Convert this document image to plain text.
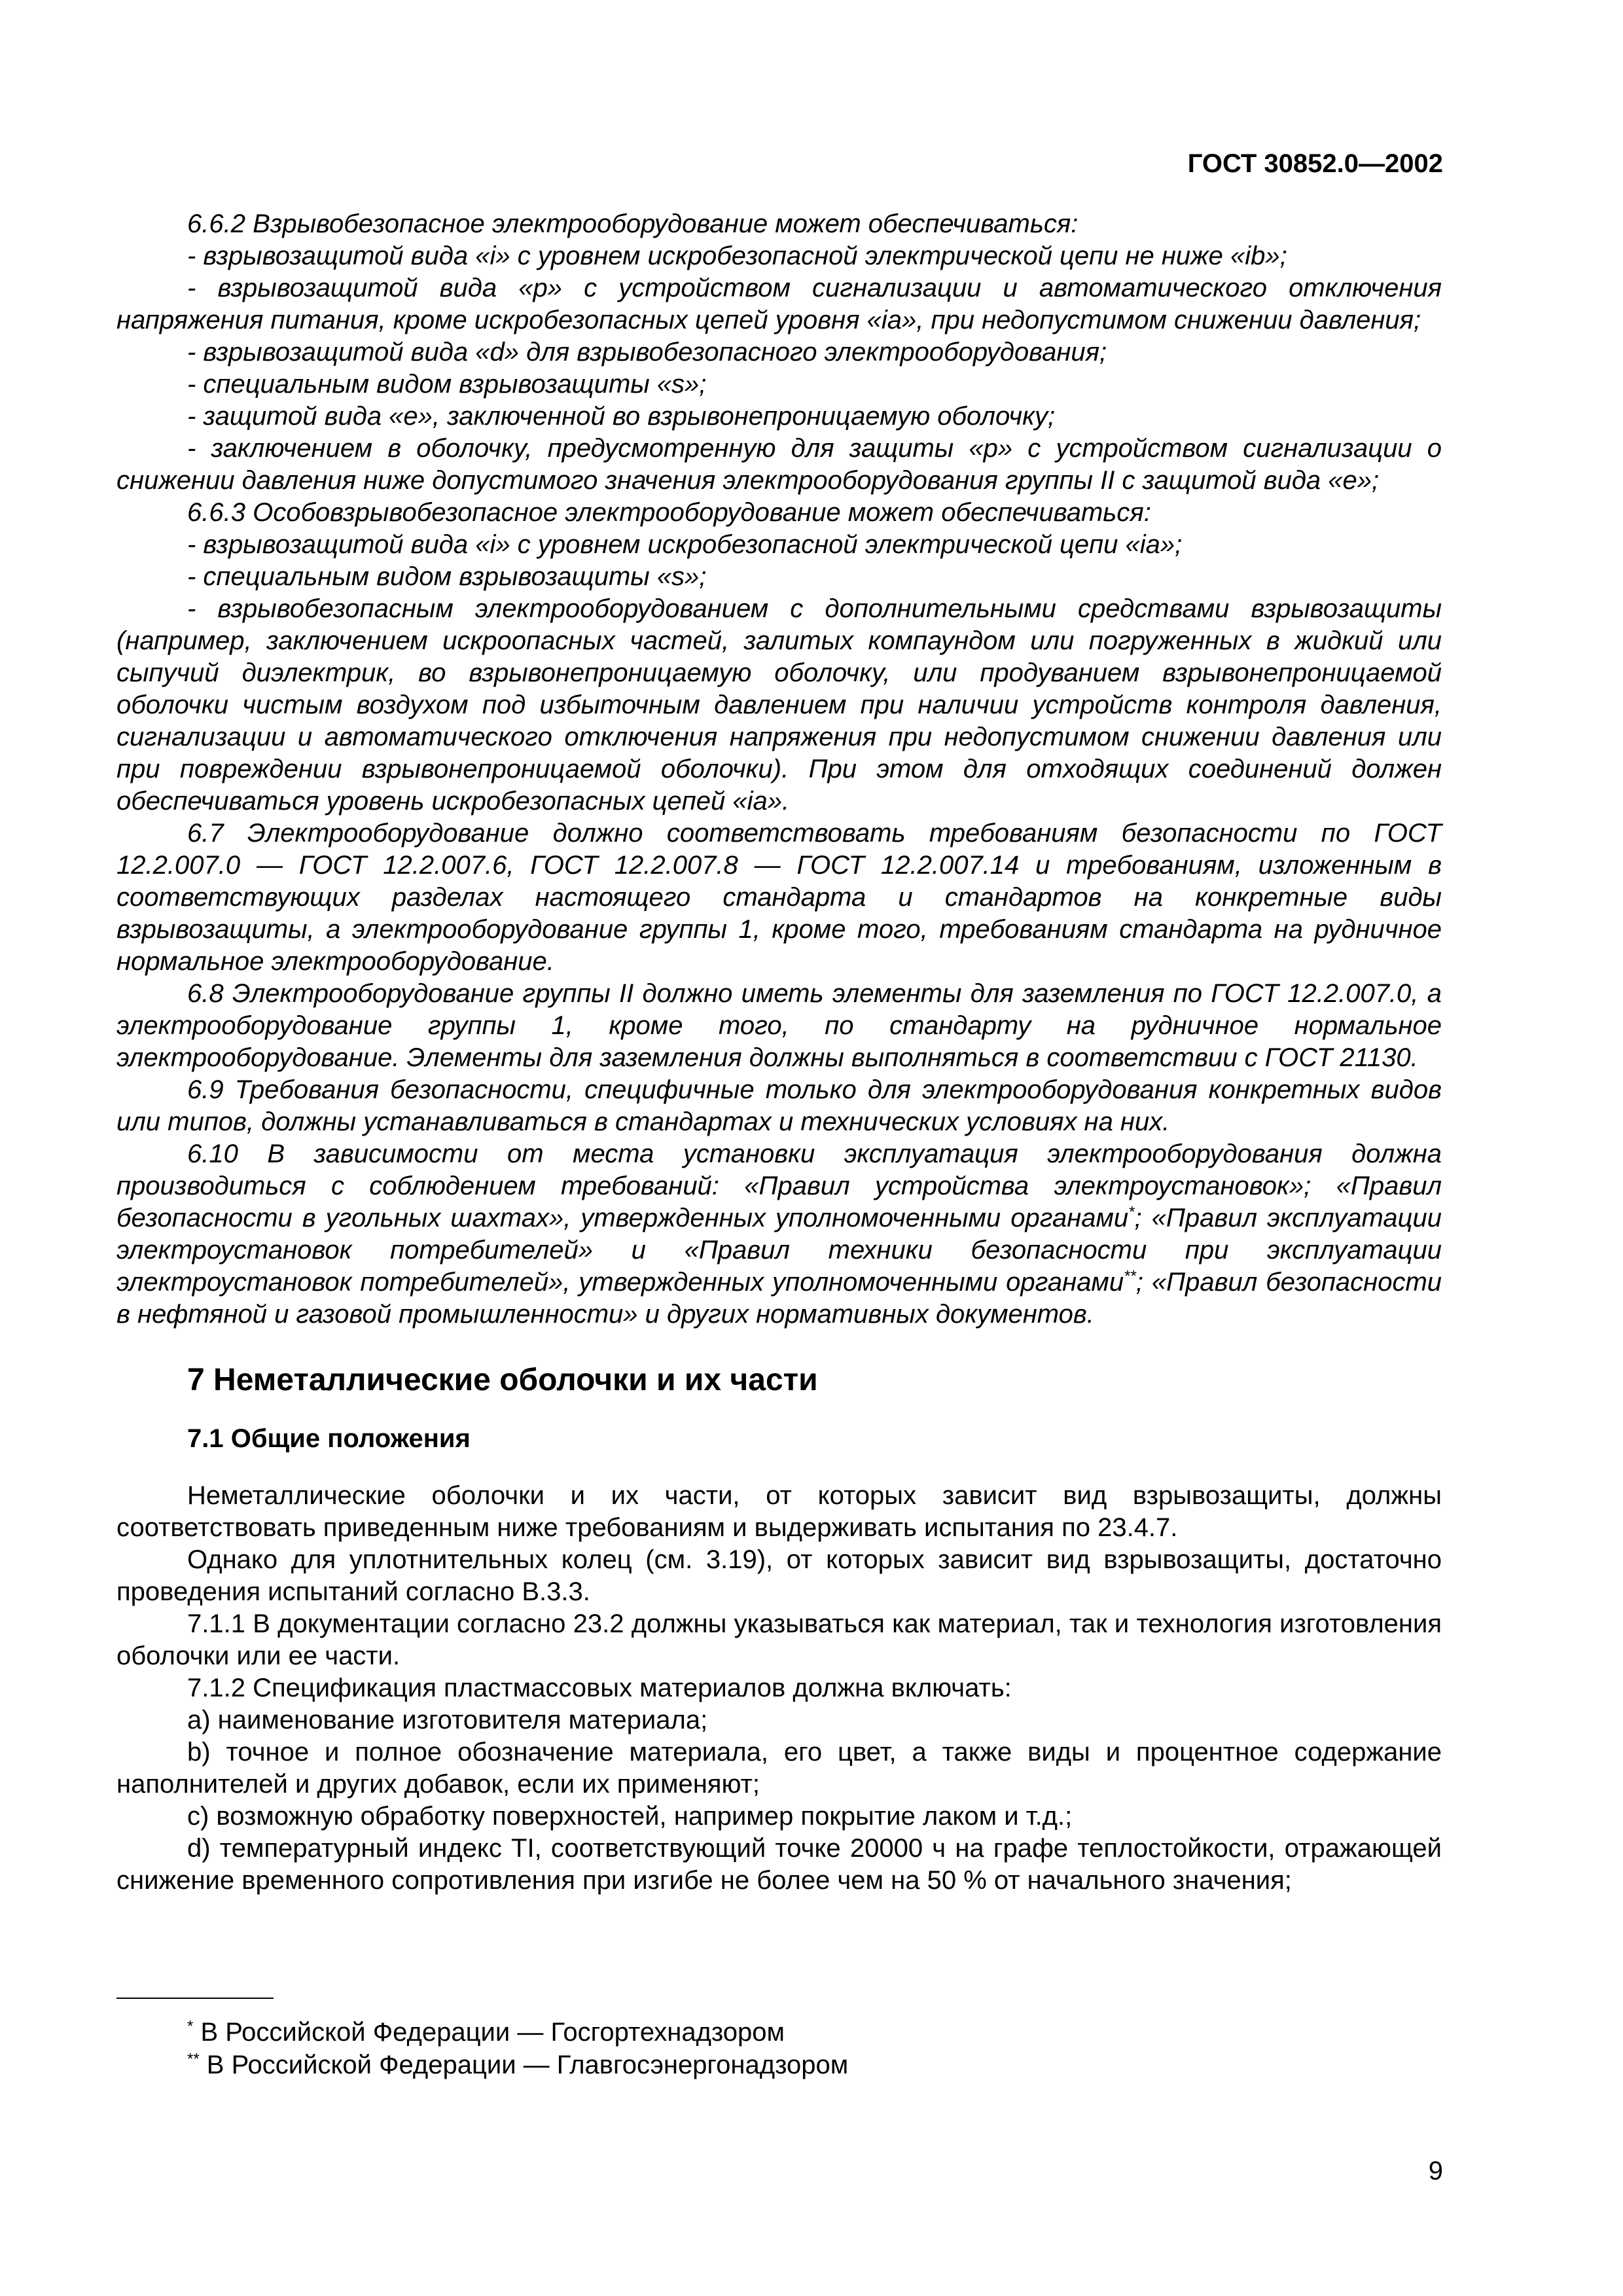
ГОСТ 30852.0—2002

6.6.2 Взрывобезопасное электрооборудование может обеспечиваться:

- взрывозащитой вида «i» с уровнем искробезопасной электрической цепи не ниже «ib»;

- взрывозащитой вида «р» с устройством сигнализации и автоматического отключения напряжения питания, кроме искробезопасных цепей уровня «ia», при недопустимом снижении давления;

- взрывозащитой вида «d» для взрывобезопасного электрооборудования;

- специальным видом взрывозащиты «s»;

- защитой вида «е», заключенной во взрывонепроницаемую оболочку;

- заключением в оболочку, предусмотренную для защиты «р» с устройством сигнализации о снижении давления ниже допустимого значения электрооборудования группы II с защитой вида «е»;

6.6.3 Особовзрывобезопасное электрооборудование может обеспечиваться:

- взрывозащитой вида «i» с уровнем искробезопасной электрической цепи «ia»;

- специальным видом взрывозащиты «s»;

- взрывобезопасным электрооборудованием с дополнительными средствами взрывозащиты (например, заключением искроопасных частей, залитых компаундом или погруженных в жидкий или сыпучий диэлектрик, во взрывонепроницаемую оболочку, или продуванием взрывонепроницаемой оболочки чистым воздухом под избыточным давлением при наличии устройств контроля давления, сигнализации и автоматического отключения напряжения при недопустимом снижении давления или при повреждении взрывонепроницаемой оболочки). При этом для отходящих соединений должен обеспечиваться уровень искробезопасных цепей «ia».

6.7 Электрооборудование должно соответствовать требованиям безопасности по ГОСТ 12.2.007.0 — ГОСТ 12.2.007.6, ГОСТ 12.2.007.8 — ГОСТ 12.2.007.14 и требованиям, изложенным в соответствующих разделах настоящего стандарта и стандартов на конкретные виды взрывозащиты, а электрооборудование группы 1, кроме того, требованиям стандарта на рудничное нормальное электрооборудование.

6.8 Электрооборудование группы II должно иметь элементы для заземления по ГОСТ 12.2.007.0, а электрооборудование группы 1, кроме того, по стандарту на рудничное нормальное электрооборудование. Элементы для заземления должны выполняться в соответствии с ГОСТ 21130.

6.9 Требования безопасности, специфичные только для электрооборудования конкретных видов или типов, должны устанавливаться в стандартах и технических условиях на них.

6.10 В зависимости от места установки эксплуатация электрооборудования должна производиться с соблюдением требований: «Правил устройства электроустановок»; «Правил безопасности в угольных шахтах», утвержденных уполномоченными органами*; «Правил эксплуатации электроустановок потребителей» и «Правил техники безопасности при эксплуатации электроустановок потребителей», утвержденных уполномоченными органами**; «Правил безопасности в нефтяной и газовой промышленности» и других нормативных документов.

7 Неметаллические оболочки и их части
7.1 Общие положения

Неметаллические оболочки и их части, от которых зависит вид взрывозащиты, должны соответствовать приведенным ниже требованиям и выдерживать испытания по 23.4.7.

Однако для уплотнительных колец (см. 3.19), от которых зависит вид взрывозащиты, достаточно проведения испытаний согласно В.3.3.

7.1.1 В документации согласно 23.2 должны указываться как материал, так и технология изготовления оболочки или ее части.

7.1.2 Спецификация пластмассовых материалов должна включать:

a) наименование изготовителя материала;

b) точное и полное обозначение материала, его цвет, а также виды и процентное содержание наполнителей и других добавок, если их применяют;

c) возможную обработку поверхностей, например покрытие лаком и т.д.;

d) температурный индекс TI, соответствующий точке 20000 ч на графе теплостойкости, отражающей снижение временного сопротивления при изгибе не более чем на 50 % от начального значения;

* В Российской Федерации — Госгортехнадзором

** В Российской Федерации — Главгосэнергонадзором

9
